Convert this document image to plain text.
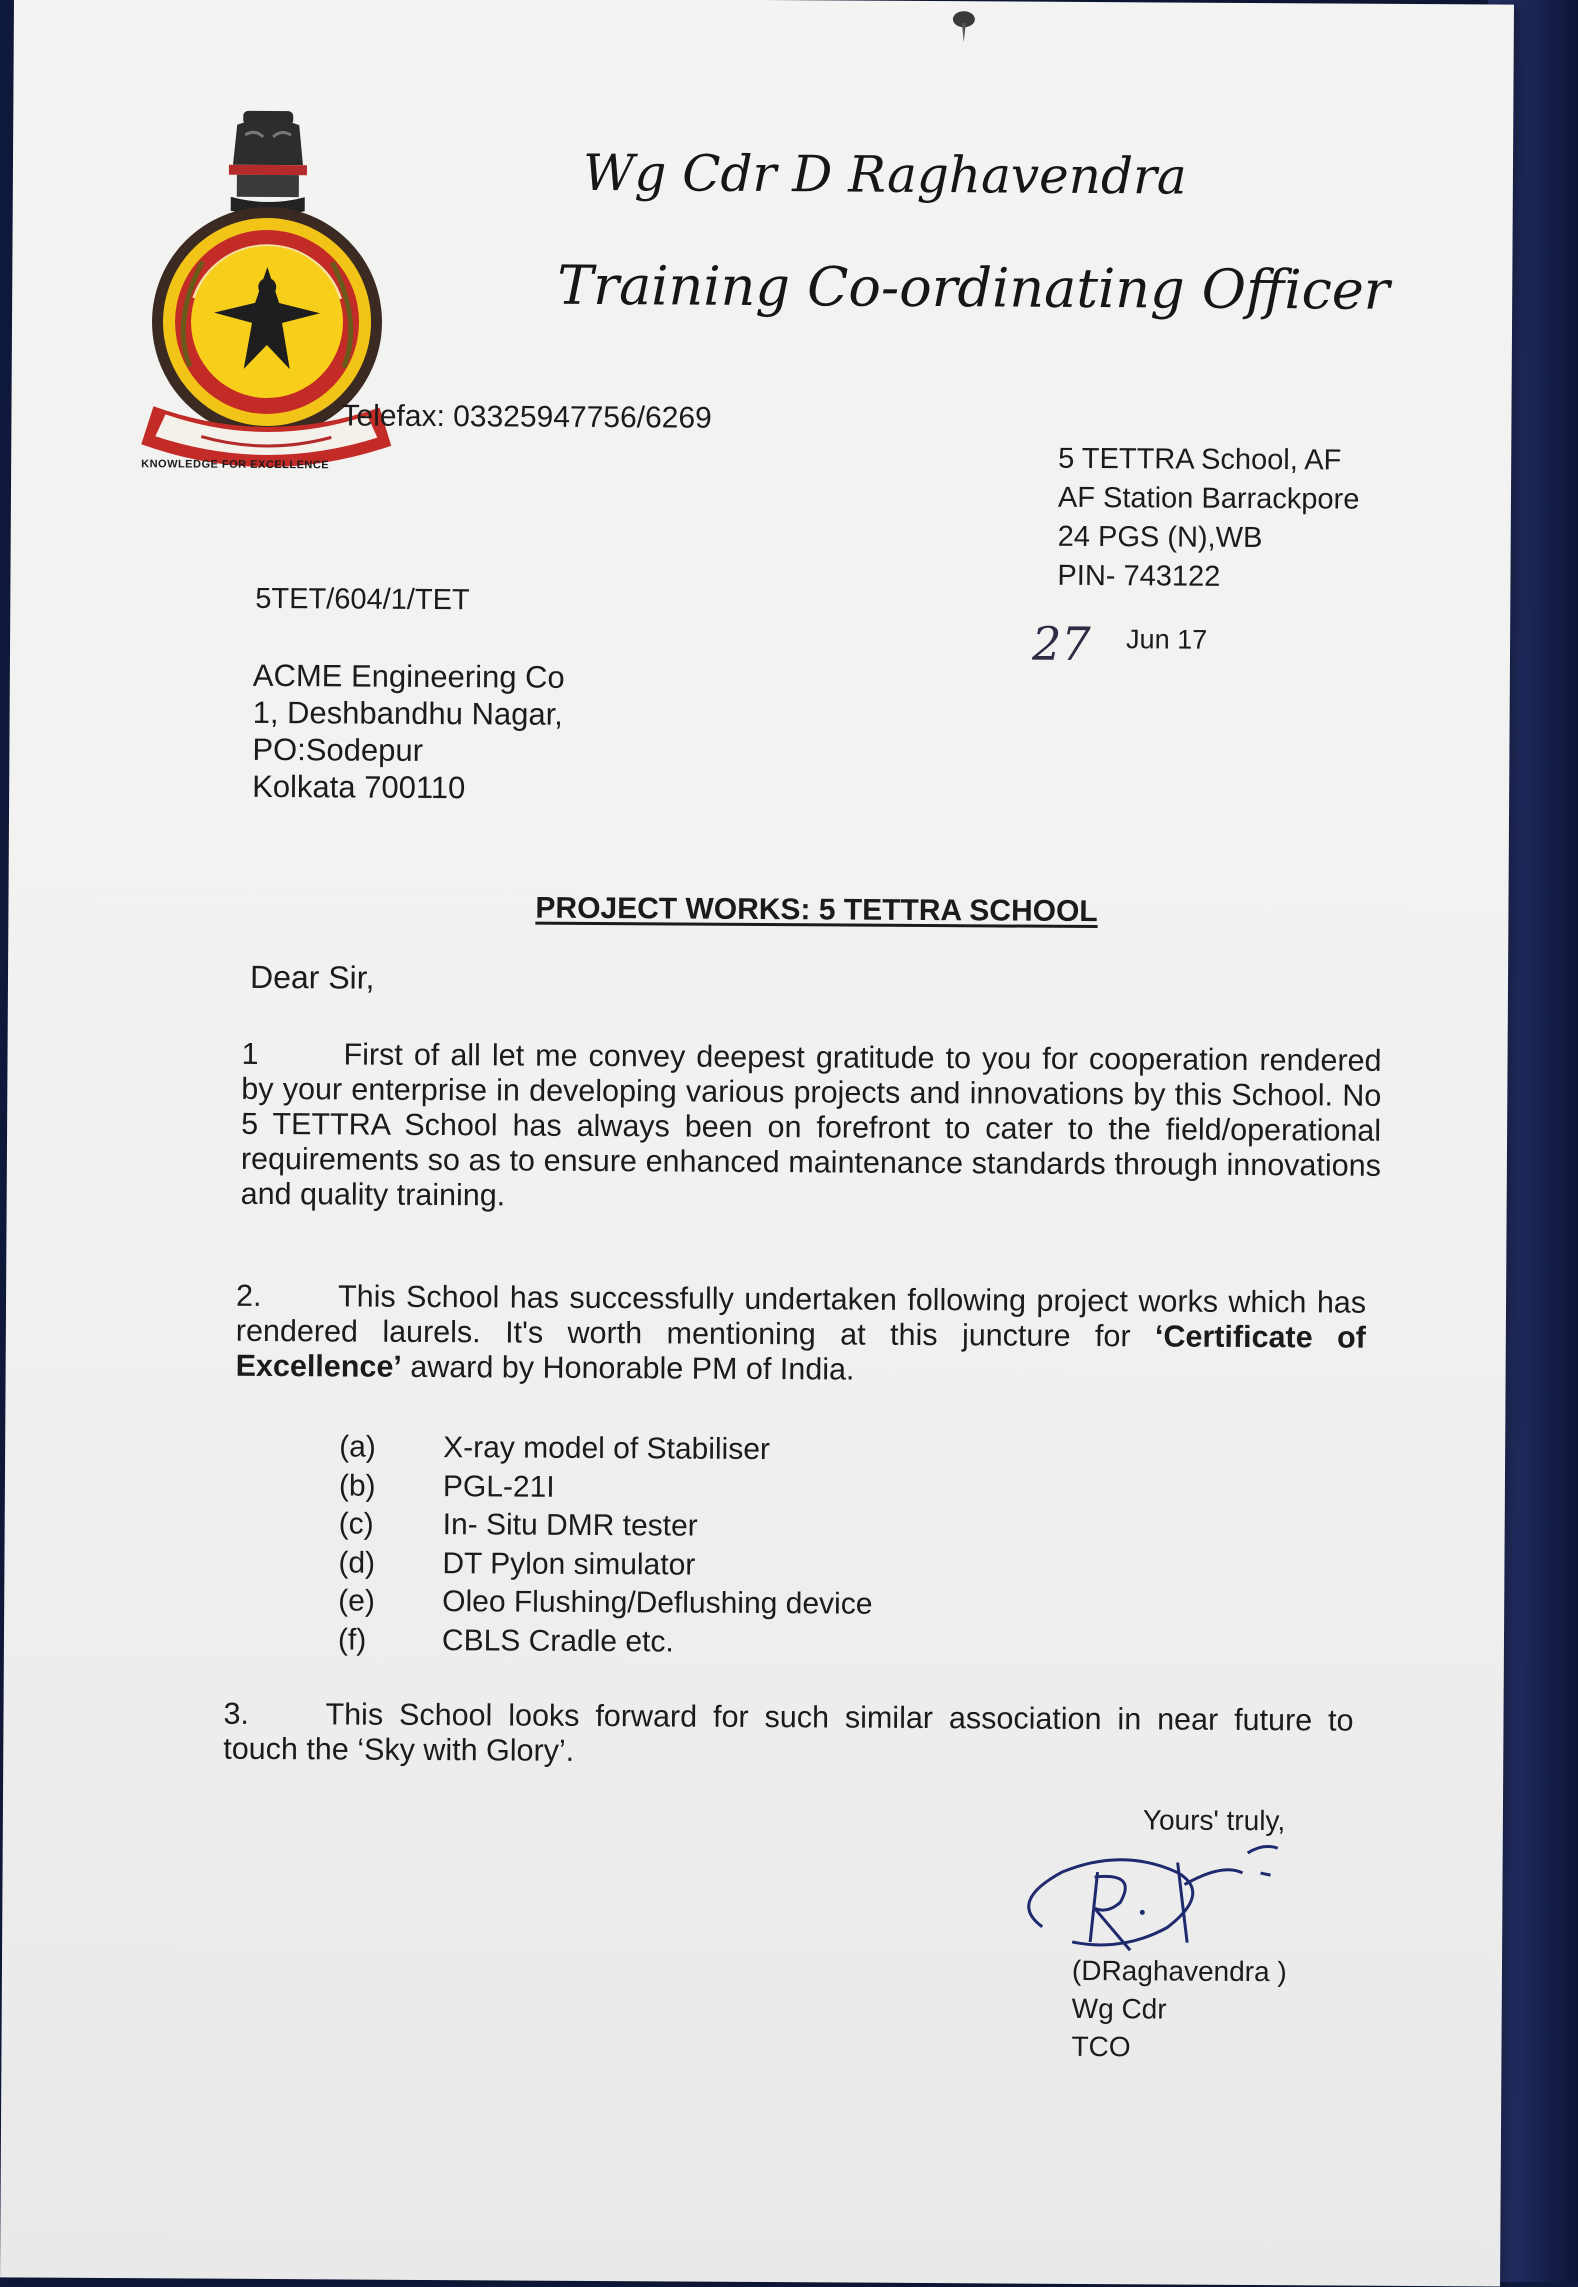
KNOWLEDGE FOR EXCELLENCE
Wg Cdr D Raghavendra
Training Co-ordinating Officer
Telefax: 03325947756/6269
5 TETTRA School, AF
AF Station Barrackpore
24 PGS (N),WB
PIN- 743122
5TET/604/1/TET
27 Jun 17
ACME Engineering Co
1, Deshbandhu Nagar,
PO:Sodepur
Kolkata 700110
PROJECT WORKS: 5 TETTRA SCHOOL
Dear Sir,
1	First of all let me convey deepest gratitude to you for cooperation rendered by your enterprise in developing various projects and innovations by this School. No 5 TETTRA School has always been on forefront to cater to the field/operational requirements so as to ensure enhanced maintenance standards through innovations and quality training.
2.	This School has successfully undertaken following project works which has rendered laurels. It's worth mentioning at this juncture for ‘Certificate of Excellence’ award by Honorable PM of India.
(a) X-ray model of Stabiliser
(b) PGL-21I
(c) In- Situ DMR tester
(d) DT Pylon simulator
(e) Oleo Flushing/Deflushing device
(f)	CBLS Cradle etc.
3.	This School looks forward for such similar association in near future to touch the ‘Sky with Glory’.
Yours' truly,
(DRaghavendra )
Wg Cdr
TCO
